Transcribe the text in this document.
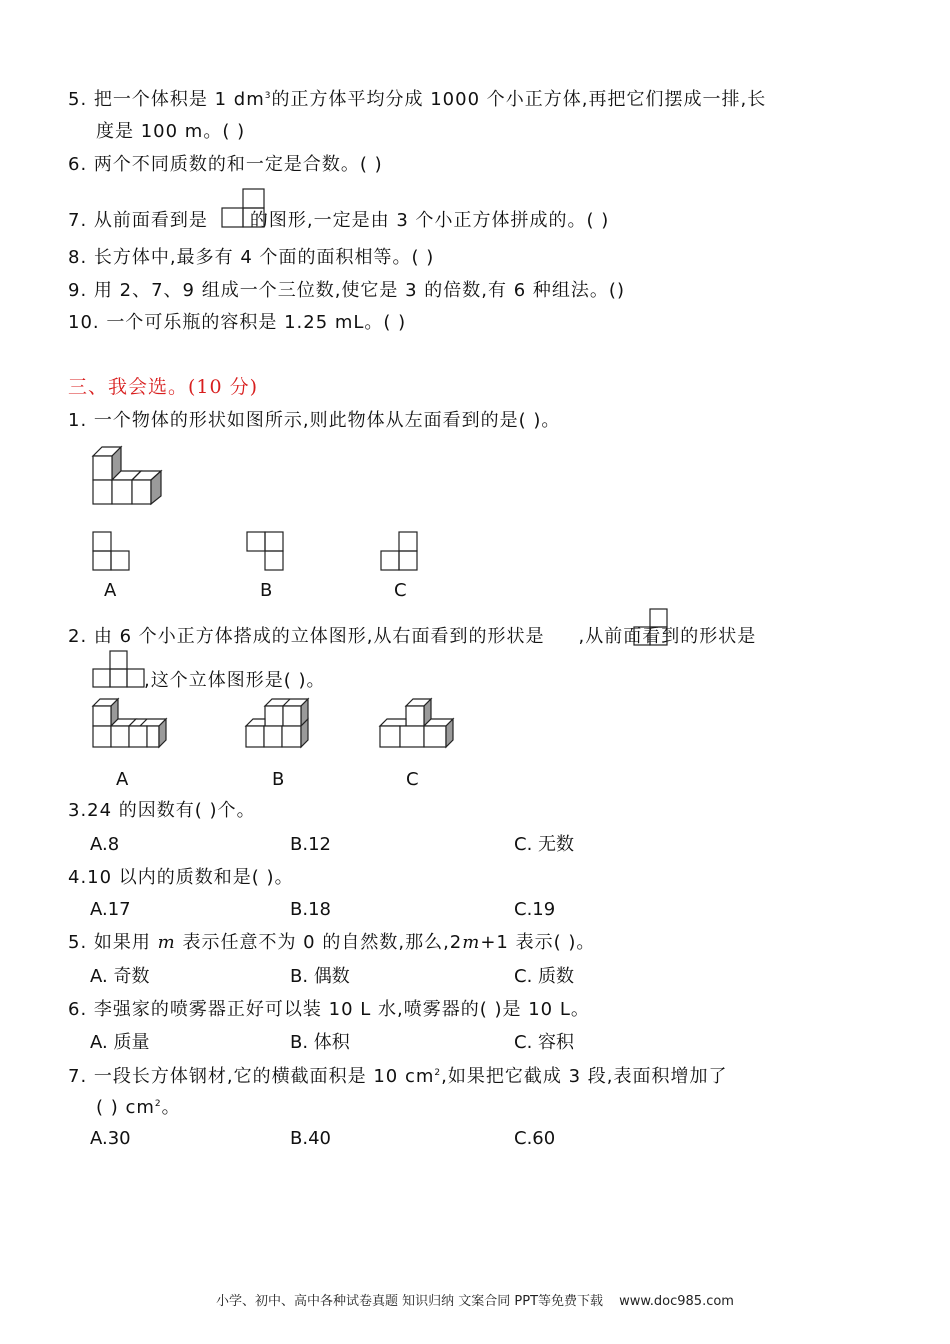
5. 把一个体积是 1 $dm^3$的正方体平均分成 1000 个小正方体,再把它们摆成一排,长
度是 100 m。( )
6. 两个不同质数的和一定是合数。( )
7. 从前面看到是 的图形,一定是由 3 个小正方体拼成的。( )
8. 长方体中,最多有 4 个面的面积相等。( )
9. 用 2、7、9 组成一个三位数,使它是 3 的倍数,有 6 种组法。()
10. 一个可乐瓶的容积是 1.25 mL。( )
三、我会选。(10 分)
1. 一个物体的形状如图所示,则此物体从左面看到的是( )。
A	B	C
2. 由 6 个小正方体搭成的立体图形,从右面看到的形状是 ,从前面看到的形状是
,这个立体图形是( )。
A	B	C
3.24 的因数有( )个。
A.8	B.12	C. 无数
4.10 以内的质数和是( )。
A.17	B.18	C.19
5. 如果用 m 表示任意不为 0 的自然数,那么,2m+1 表示( )。
A. 奇数	B. 偶数	C. 质数
6. 李强家的喷雾器正好可以装 10 L 水,喷雾器的( )是 10 L。
A. 质量	B. 体积	C. 容积
7. 一段长方体钢材,它的横截面积是 10 $cm^2$,如果把它截成 3 段,表面积增加了
( ) $cm^2$。
A.30	B.40	C.60
小学、初中、高中各种试卷真题 知识归纳 文案合同 PPT等免费下载 www.doc985.com
